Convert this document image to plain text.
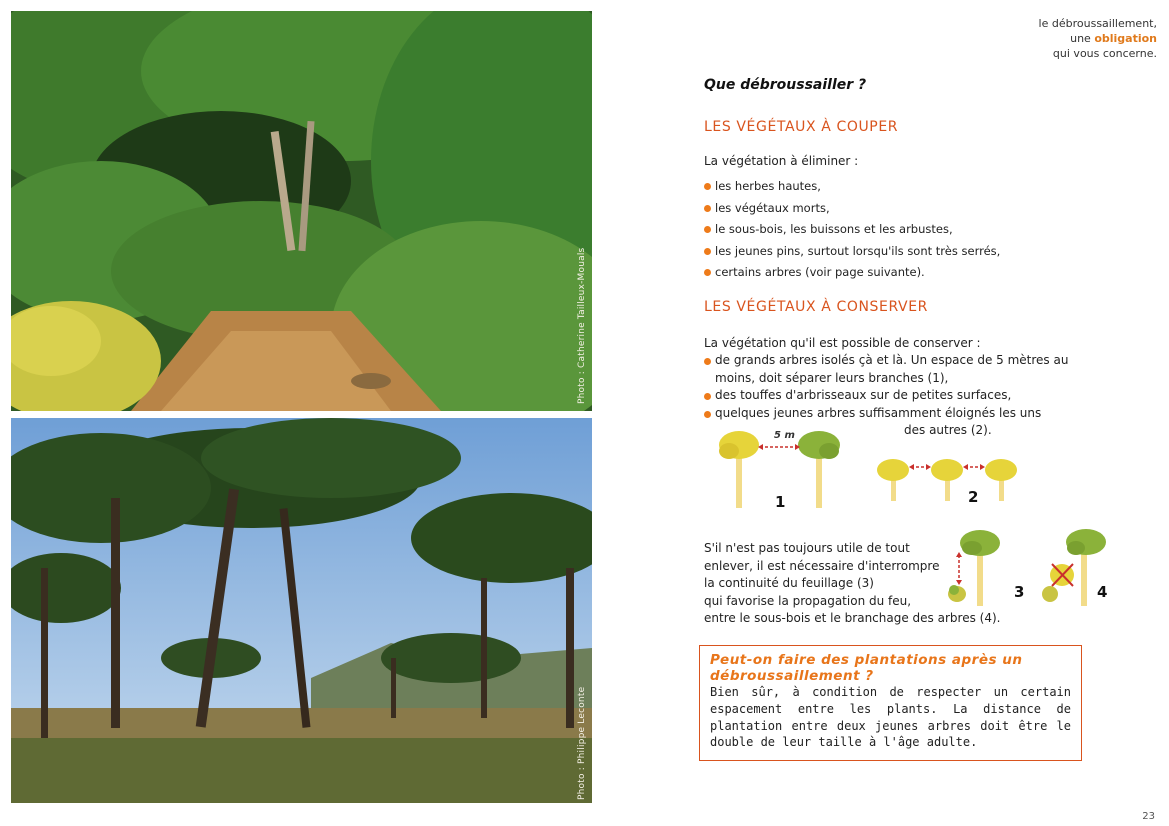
Photo : Catherine Tailleux-Mouals
Photo : Philippe Leconte
le débroussaillement,
une obligation
qui vous concerne.
Que débroussailler ?
LES VÉGÉTAUX À COUPER
La végétation à éliminer :
les herbes hautes,
les végétaux morts,
le sous-bois, les buissons et les arbustes,
les jeunes pins, surtout lorsqu'ils sont très serrés,
certains arbres (voir page suivante).
LES VÉGÉTAUX À CONSERVER
La végétation qu'il est possible de conserver :
de grands arbres isolés çà et là. Un espace de 5 mètres au moins, doit séparer leurs branches (1),
des touffes d'arbrisseaux sur de petites surfaces,
quelques jeunes arbres suffisamment éloignés les uns
des autres (2).
5 m
1	2
S'il n'est pas toujours utile de tout
enlever, il est nécessaire d'interrompre
la continuité du feuillage (3)
qui favorise la propagation du feu,
entre le sous-bois et le branchage des arbres (4).
3	4
Peut-on faire des plantations après un
débroussaillement ?
Bien sûr, à condition de respecter un certain espacement entre les plants. La distance de plantation entre deux jeunes arbres doit être le double de leur taille à l'âge adulte.
23
